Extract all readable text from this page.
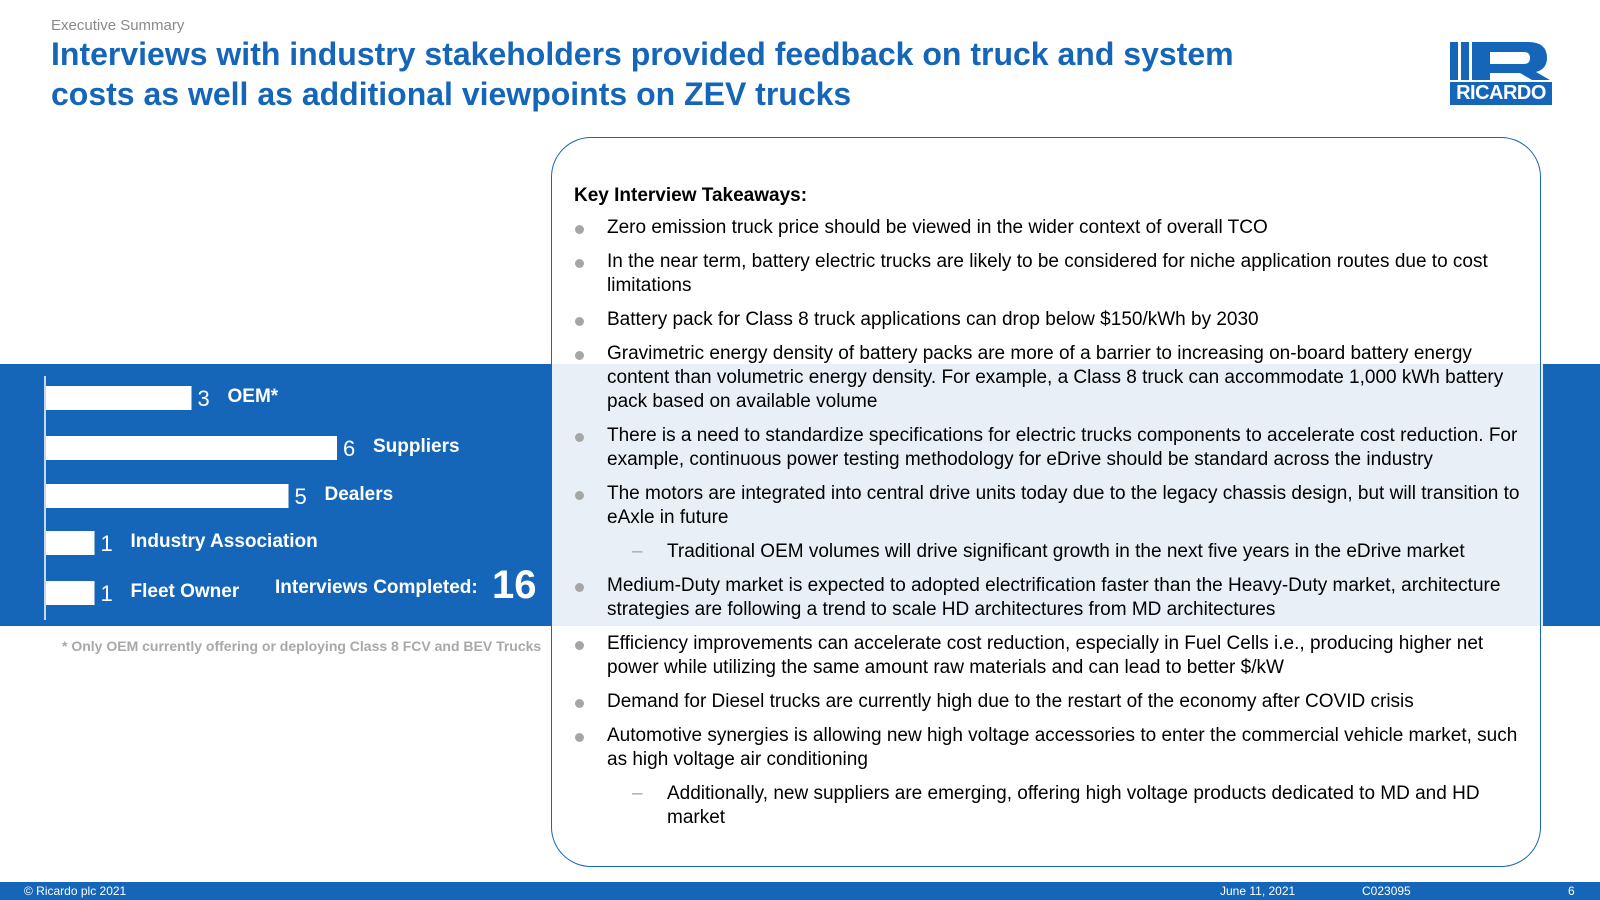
Executive Summary
Interviews with industry stakeholders provided feedback on truck and system
costs as well as additional viewpoints on ZEV trucks	RICARDO
Interviews Completed: 16
3 OEM*
6 Suppliers
5 Dealers
1 Industry Association
1 Fleet Owner
* Only OEM currently offering or deploying Class 8 FCV and BEV Trucks
Key Interview Takeaways:
Zero emission truck price should be viewed in the wider context of overall TCO
In the near term, battery electric trucks are likely to be considered for niche application routes due to cost limitations
Battery pack for Class 8 truck applications can drop below $150/kWh by 2030
Gravimetric energy density of battery packs are more of a barrier to increasing on-board battery energy content than volumetric energy density. For example, a Class 8 truck can accommodate 1,000 kWh battery pack based on available volume
There is a need to standardize specifications for electric trucks components to accelerate cost reduction. For example, continuous power testing methodology for eDrive should be standard across the industry
The motors are integrated into central drive units today due to the legacy chassis design, but will transition to eAxle in future
– Traditional OEM volumes will drive significant growth in the next five years in the eDrive market
Medium-Duty market is expected to adopted electrification faster than the Heavy-Duty market, architecture strategies are following a trend to scale HD architectures from MD architectures
Efficiency improvements can accelerate cost reduction, especially in Fuel Cells i.e., producing higher net power while utilizing the same amount raw materials and can lead to better $/kW
Demand for Diesel trucks are currently high due to the restart of the economy after COVID crisis
Automotive synergies is allowing new high voltage accessories to enter the commercial vehicle market, such as high voltage air conditioning
– Additionally, new suppliers are emerging, offering high voltage products dedicated to MD and HD market
© Ricardo plc 2021	June 11, 2021	C023095	6
